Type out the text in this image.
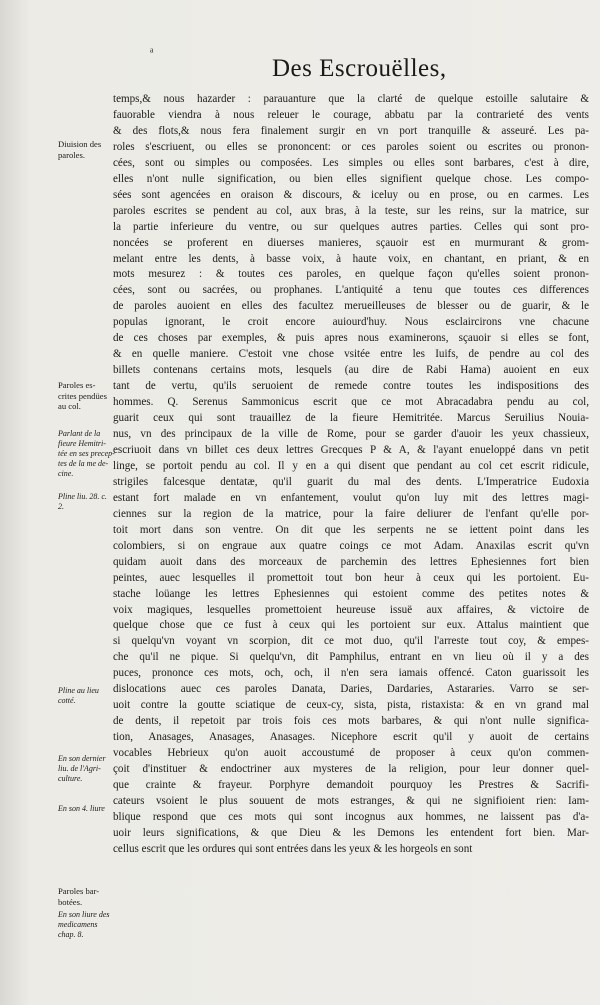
ᵃ
Des Escrouëlles,
temps,& nous hazarder : parauanture que la clarté de quelque estoille salutaire &
fauorable viendra à nous releuer le courage, abbatu par la contrarieté des vents
& des flots,& nous fera finalement surgir en vn port tranquille & asseuré. Les pa-
roles s'escriuent, ou elles se prononcent: or ces paroles soient ou escrites ou pronon-
cées, sont ou simples ou composées. Les simples ou elles sont barbares, c'est à dire,
elles n'ont nulle signification, ou bien elles signifient quelque chose. Les compo-
sées sont agencées en oraison & discours, & iceluy ou en prose, ou en carmes. Les
paroles escrites se pendent au col, aux bras, à la teste, sur les reins, sur la matrice, sur
la partie inferieure du ventre, ou sur quelques autres parties. Celles qui sont pro-
noncées se proferent en diuerses manieres, sçauoir est en murmurant & grom-
melant entre les dents, à basse voix, à haute voix, en chantant, en priant, & en
mots mesurez : & toutes ces paroles, en quelque façon qu'elles soient pronon-
cées, sont ou sacrées, ou prophanes. L'antiquité a tenu que toutes ces differences
de paroles auoient en elles des facultez merueilleuses de blesser ou de guarir, & le
populas ignorant, le croit encore auiourd'huy. Nous esclaircirons vne chacune
de ces choses par exemples, & puis apres nous examinerons, sçauoir si elles se font,
& en quelle maniere. C'estoit vne chose vsitée entre les Iuifs, de pendre au col des
billets contenans certains mots, lesquels (au dire de Rabi Hama) auoient en eux
tant de vertu, qu'ils seruoient de remede contre toutes les indispositions des
hommes. Q. Serenus Sammonicus escrit que ce mot Abracadabra pendu au col,
guarit ceux qui sont trauaillez de la fieure Hemitritée. Marcus Seruilius Nouia-
nus, vn des principaux de la ville de Rome, pour se garder d'auoir les yeux chassieux,
escriuoit dans vn billet ces deux lettres Grecques P & A, & l'ayant enueloppé dans vn petit
linge, se portoit pendu au col. Il y en a qui disent que pendant au col cet escrit ridicule,
strigiles falcesque dentatæ, qu'il guarit du mal des dents. L'Imperatrice Eudoxia
estant fort malade en vn enfantement, voulut qu'on luy mit des lettres magi-
ciennes sur la region de la matrice, pour la faire deliurer de l'enfant qu'elle por-
toit mort dans son ventre. On dit que les serpents ne se iettent point dans les
colombiers, si on engraue aux quatre coings ce mot Adam. Anaxilas escrit qu'vn
quidam auoit dans des morceaux de parchemin des lettres Ephesiennes fort bien
peintes, auec lesquelles il promettoit tout bon heur à ceux qui les portoient. Eu-
stache loüange les lettres Ephesiennes qui estoient comme des petites notes &
voix magiques, lesquelles promettoient heureuse issuë aux affaires, & victoire de
quelque chose que ce fust à ceux qui les portoient sur eux. Attalus maintient que
si quelqu'vn voyant vn scorpion, dit ce mot duo, qu'il l'arreste tout coy, & empes-
che qu'il ne pique. Si quelqu'vn, dit Pamphilus, entrant en vn lieu où il y a des
puces, prononce ces mots, och, och, il n'en sera iamais offencé. Caton guarissoit les
dislocations auec ces paroles Danata, Daries, Dardaries, Astararies. Varro se ser-
uoit contre la goutte sciatique de ceux-cy, sista, pista, ristaxista: & en vn grand mal
de dents, il repetoit par trois fois ces mots barbares, & qui n'ont nulle significa-
tion, Anasages, Anasages, Anasages. Nicephore escrit qu'il y auoit de certains
vocables Hebrieux qu'on auoit accoustumé de proposer à ceux qu'on commen-
çoit d'instituer & endoctriner aux mysteres de la religion, pour leur donner quel-
que crainte & frayeur. Porphyre demandoit pourquoy les Prestres & Sacrifi-
cateurs vsoient le plus souuent de mots estranges, & qui ne signifioient rien: Iam-
blique respond que ces mots qui sont incognus aux hommes, ne laissent pas d'a-
uoir leurs significations, & que Dieu & les Demons les entendent fort bien. Mar-
cellus escrit que les ordures qui sont entrées dans les yeux & les horgeols en sont
Diuision des
paroles.
Paroles es-
crites pendües
au col.
Parlant de la
fieure Hemitri-
tée en ses precep-
tes de la me de-
cine.
Pline liu. 28. c.
2.
Pline au lieu
cotté.
En son dernier
liu. de l'Agri-
culture.
En son 4. liure
Paroles bar-
botées.
En son liure des
medicamens
chap. 8.
